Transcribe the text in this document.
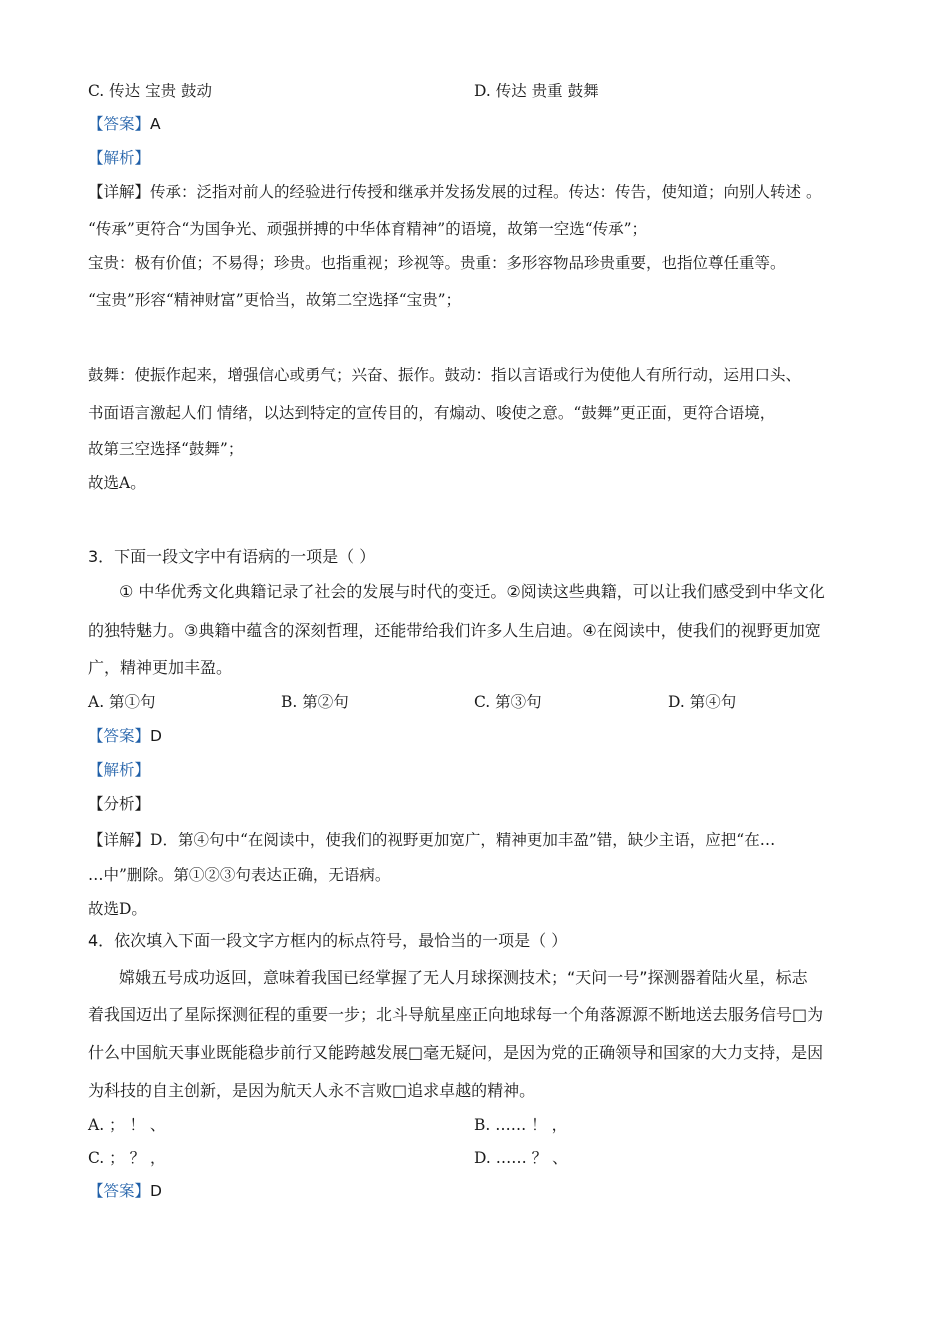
C. 传达 宝贵 鼓动	D. 传达 贵重 鼓舞
【答案】A
【解析】
【详解】传承：泛指对前人的经验进行传授和继承并发扬发展的过程。传达：传告，使知道；向别人转述 。
“传承”更符合“为国争光、顽强拼搏的中华体育精神”的语境，故第一空选“传承”；
宝贵：极有价值；不易得；珍贵。也指重视；珍视等。贵重：多形容物品珍贵重要，也指位尊任重等。
“宝贵”形容“精神财富”更恰当，故第二空选择“宝贵”；
鼓舞：使振作起来，增强信心或勇气；兴奋、振作。鼓动：指以言语或行为使他人有所行动，运用口头、
书面语言激起人们 情绪，以达到特定的宣传目的，有煽动、唆使之意。“鼓舞”更正面，更符合语境，
故第三空选择“鼓舞”；
故选A。
3．下面一段文字中有语病的一项是（ ）
① 中华优秀文化典籍记录了社会的发展与时代的变迁。②阅读这些典籍，可以让我们感受到中华文化
的独特魅力。③典籍中蕴含的深刻哲理，还能带给我们许多人生启迪。④在阅读中，使我们的视野更加宽
广，精神更加丰盈。
A. 第①句	B. 第②句	C. 第③句	D. 第④句
【答案】D
【解析】
【分析】
【详解】D．第④句中“在阅读中，使我们的视野更加宽广，精神更加丰盈”错，缺少主语，应把“在…
…中”删除。第①②③句表达正确，无语病。
故选D。
4．依次填入下面一段文字方框内的标点符号，最恰当的一项是（ ）
嫦娥五号成功返回，意味着我国已经掌握了无人月球探测技术；“天问一号”探测器着陆火星，标志
着我国迈出了星际探测征程的重要一步；北斗导航星座正向地球每一个角落源源不断地送去服务信号□为
什么中国航天事业既能稳步前行又能跨越发展□毫无疑问，是因为党的正确领导和国家的大力支持，是因
为科技的自主创新，是因为航天人永不言败□追求卓越的精神。
A. ； ！ 、	B. …… ！ ，
C. ； ？ ，	D. …… ？ 、
【答案】D
